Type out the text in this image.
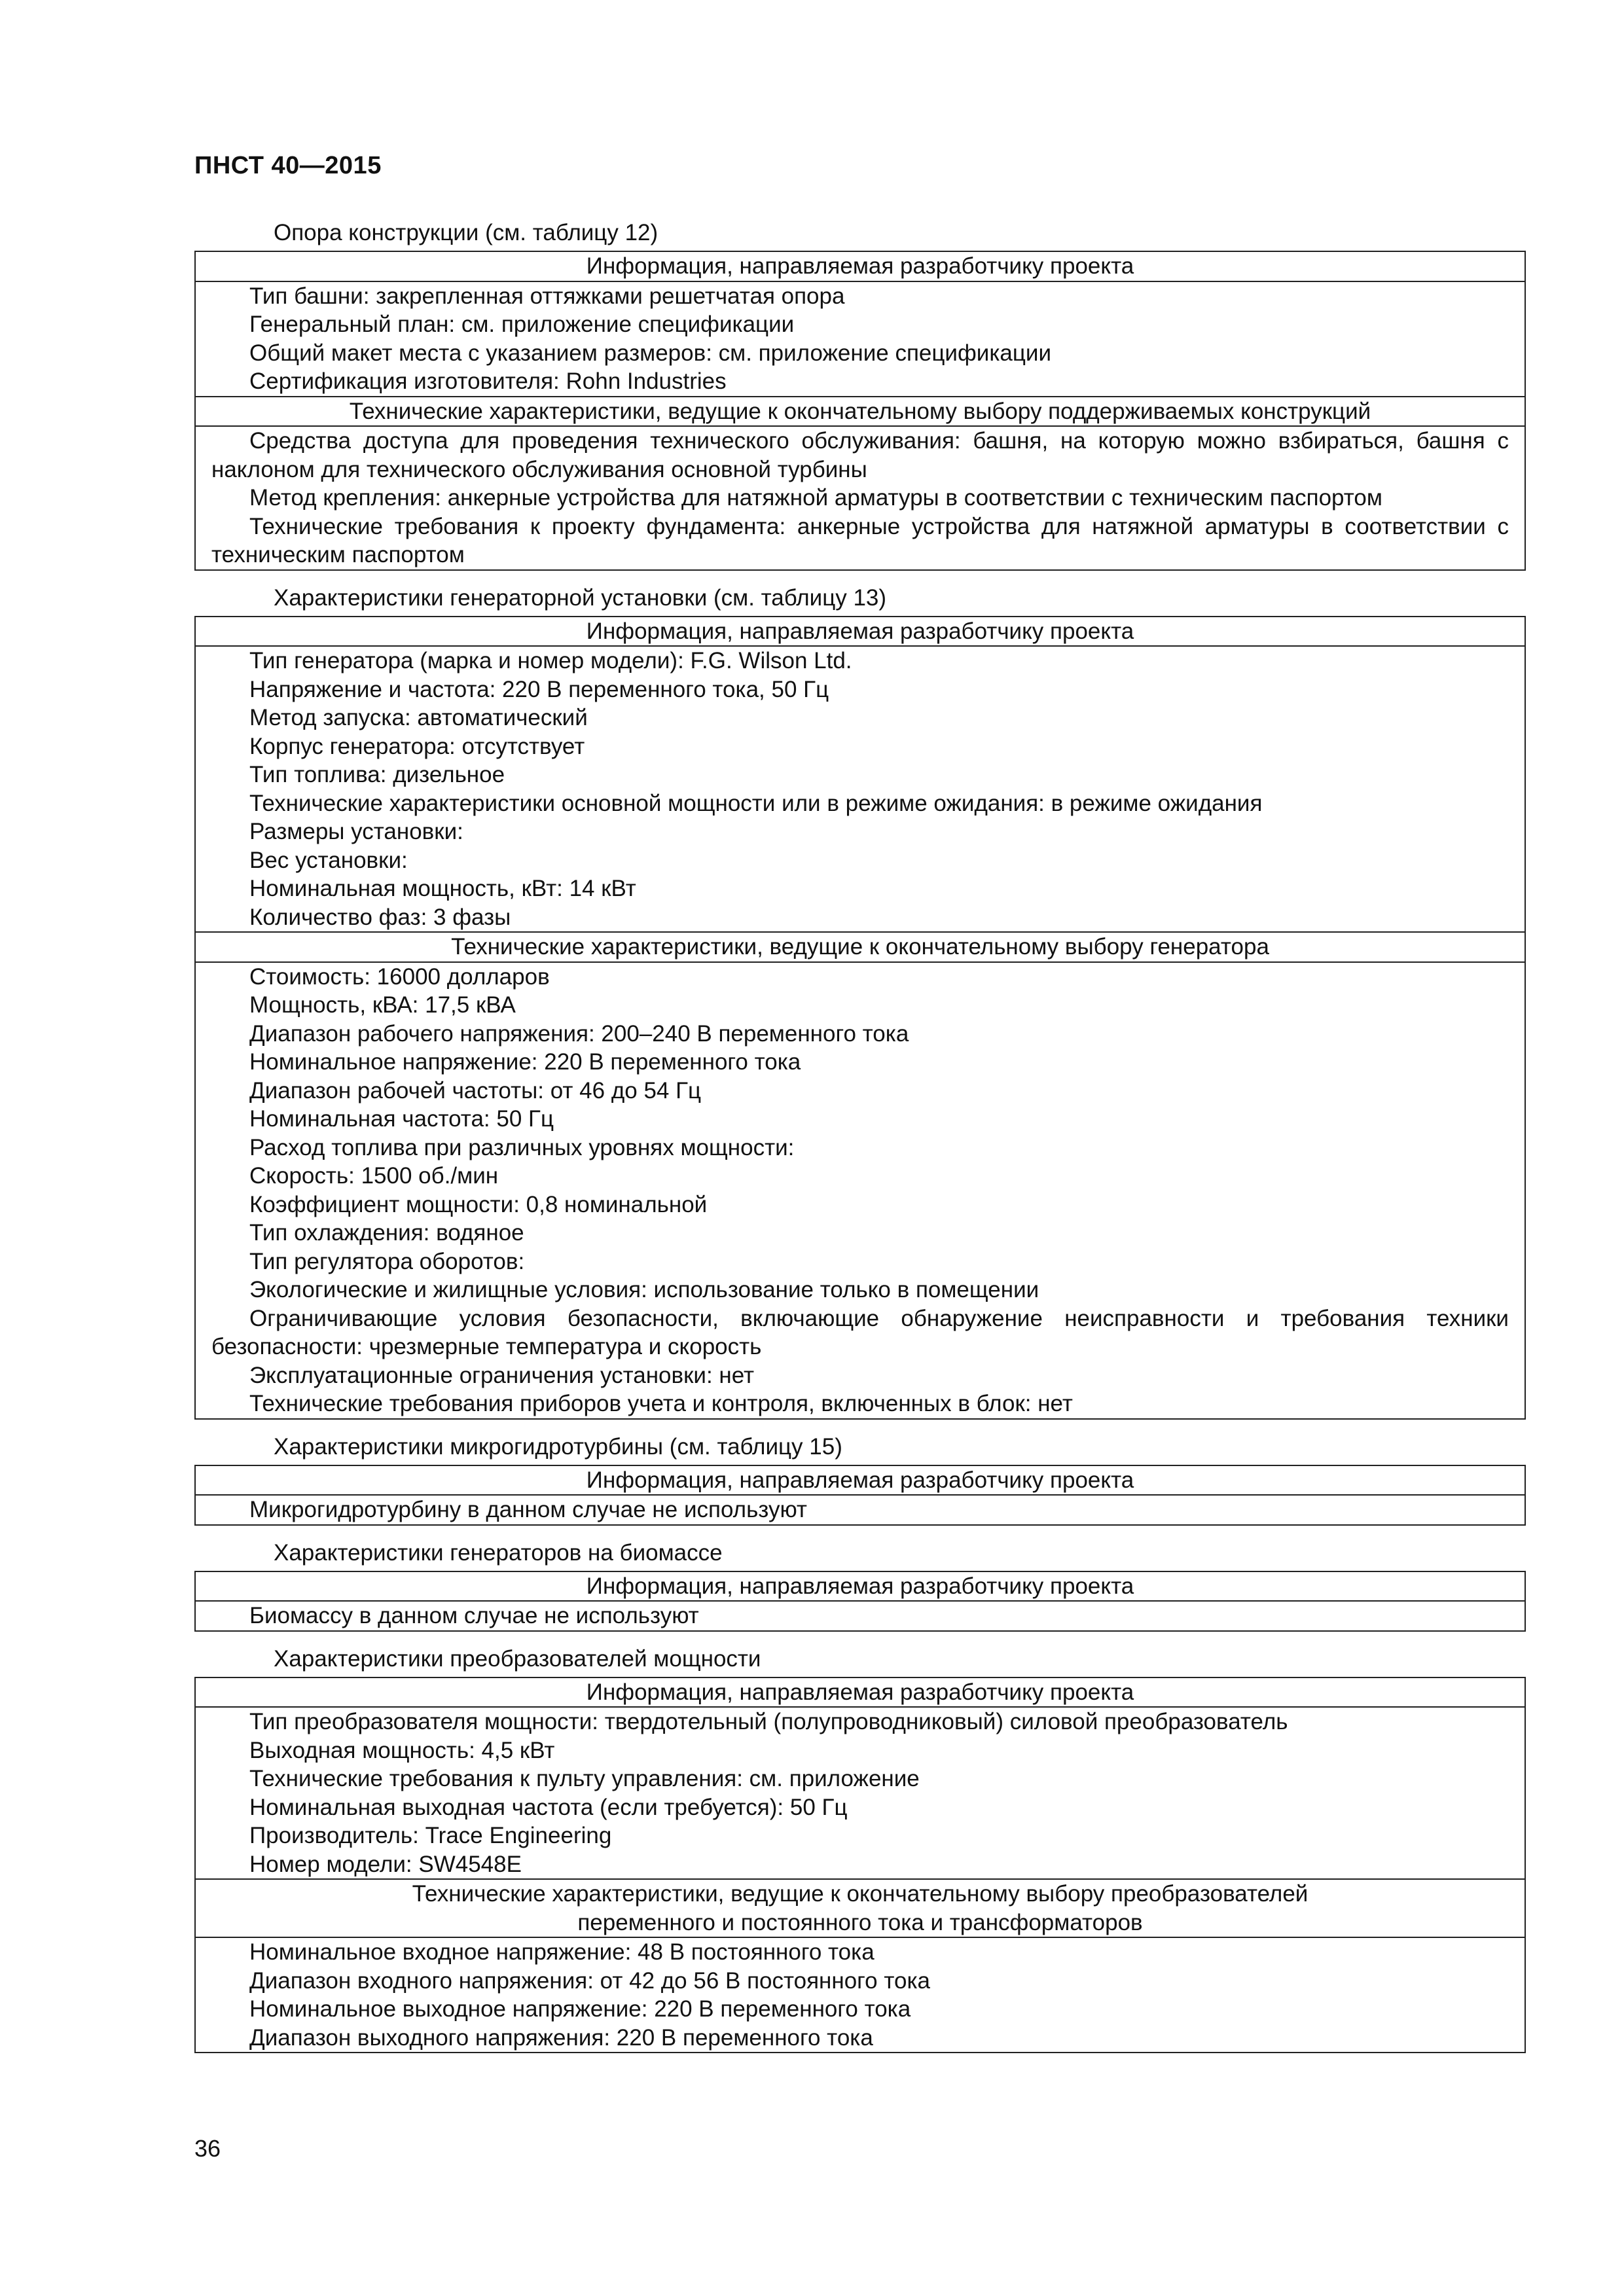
ПНСТ 40—2015
Опора конструкции (см. таблицу 12)
Информация, направляемая разработчику проекта

Тип башни: закрепленная оттяжками решетчатая опора
Генеральный план: см. приложение спецификации
Общий макет места с указанием размеров: см. приложение спецификации
Сертификация изготовителя: Rohn Industries

Технические характеристики, ведущие к окончательному выбору поддерживаемых конструкций

Средства доступа для проведения технического обслуживания: башня, на которую можно взбираться, башня с наклоном для технического обслуживания основной турбины
Метод крепления: анкерные устройства для натяжной арматуры в соответствии с техническим паспортом
Технические требования к проекту фундамента: анкерные устройства для натяжной арматуры в соответствии с техническим паспортом
Характеристики генераторной установки (см. таблицу 13)
Информация, направляемая разработчику проекта

Тип генератора (марка и номер модели): F.G. Wilson Ltd.
Напряжение и частота: 220 В переменного тока, 50 Гц
Метод запуска: автоматический
Корпус генератора: отсутствует
Тип топлива: дизельное
Технические характеристики основной мощности или в режиме ожидания: в режиме ожидания
Размеры установки:
Вес установки:
Номинальная мощность, кВт: 14 кВт
Количество фаз: 3 фазы

Технические характеристики, ведущие к окончательному выбору генератора

Стоимость: 16000 долларов
Мощность, кВА: 17,5 кВА
Диапазон рабочего напряжения: 200–240 В переменного тока
Номинальное напряжение: 220 В переменного тока
Диапазон рабочей частоты: от 46 до 54 Гц
Номинальная частота: 50 Гц
Расход топлива при различных уровнях мощности:
Скорость: 1500 об./мин
Коэффициент мощности: 0,8 номинальной
Тип охлаждения: водяное
Тип регулятора оборотов:
Экологические и жилищные условия: использование только в помещении
Ограничивающие условия безопасности, включающие обнаружение неисправности и требования техники безопасности: чрезмерные температура и скорость
Эксплуатационные ограничения установки: нет
Технические требования приборов учета и контроля, включенных в блок: нет
Характеристики микрогидротурбины (см. таблицу 15)
Информация, направляемая разработчику проекта

Микрогидротурбину в данном случае не используют
Характеристики генераторов на биомассе
Информация, направляемая разработчику проекта

Биомассу в данном случае не используют
Характеристики преобразователей мощности
Информация, направляемая разработчику проекта

Тип преобразователя мощности: твердотельный (полупроводниковый) силовой преобразователь
Выходная мощность: 4,5 кВт
Технические требования к пульту управления: см. приложение
Номинальная выходная частота (если требуется): 50 Гц
Производитель: Trace Engineering
Номер модели: SW4548E

Технические характеристики, ведущие к окончательному выбору преобразователей
переменного и постоянного тока и трансформаторов

Номинальное входное напряжение: 48 В постоянного тока
Диапазон входного напряжения: от 42 до 56 В постоянного тока
Номинальное выходное напряжение: 220 В переменного тока
Диапазон выходного напряжения: 220 В переменного тока
36
